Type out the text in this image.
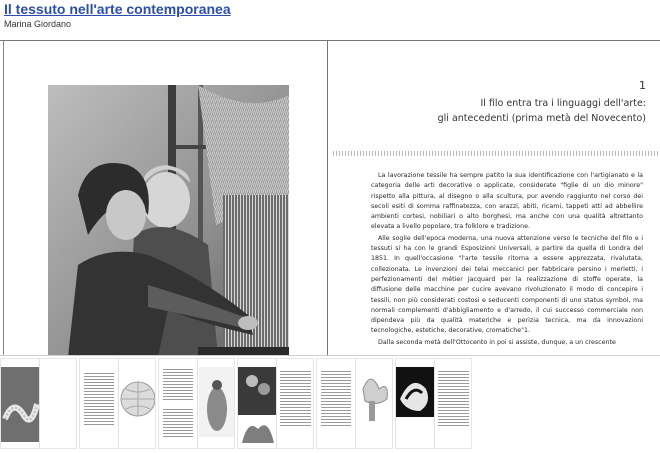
Il tessuto nell'arte contemporanea
Marina Giordano
1
Il filo entra tra i linguaggi dell'arte:
gli antecedenti (prima metà del Novecento)

La lavorazione tessile ha sempre patito la sua identificazione con l'artigianato e la categoria delle arti decorative o applicate, considerate "figlie di un dio minore" rispetto alla pittura, al disegno o alla scultura, pur avendo raggiunto nel corso dei secoli esiti di somma raffinatezza, con arazzi, abiti, ricami, tappeti atti ad abbellire ambienti cortesi, nobiliari o alto borghesi, ma anche con una qualità altrettanto elevata a livello popolare, tra folklore e tradizione.

Alle soglie dell'epoca moderna, una nuova attenzione verso le tecniche del filo e i tessuti si ha con le grandi Esposizioni Universali, a partire da quella di Londra del 1851. In quell'occasione "l'arte tessile ritorna a essere apprezzata, rivalutata, collezionata. Le invenzioni dei telai meccanici per fabbricare persino i merletti, i perfezionamenti del métier Jacquard per la realizzazione di stoffe operate, la diffusione delle macchine per cucire avevano rivoluzionato il modo di concepire i tessili, non più considerati costosi e seducenti componenti di uno status symbol, ma normali complementi d'abbigliamento e d'arredo, il cui successo commerciale non dipendeva più da qualità materiche e perizia tecnica, ma da innovazioni tecnologiche, estetiche, decorative, cromatiche"1.

Dalla seconda metà dell'Ottocento in poi si assiste, dunque, a un crescente
